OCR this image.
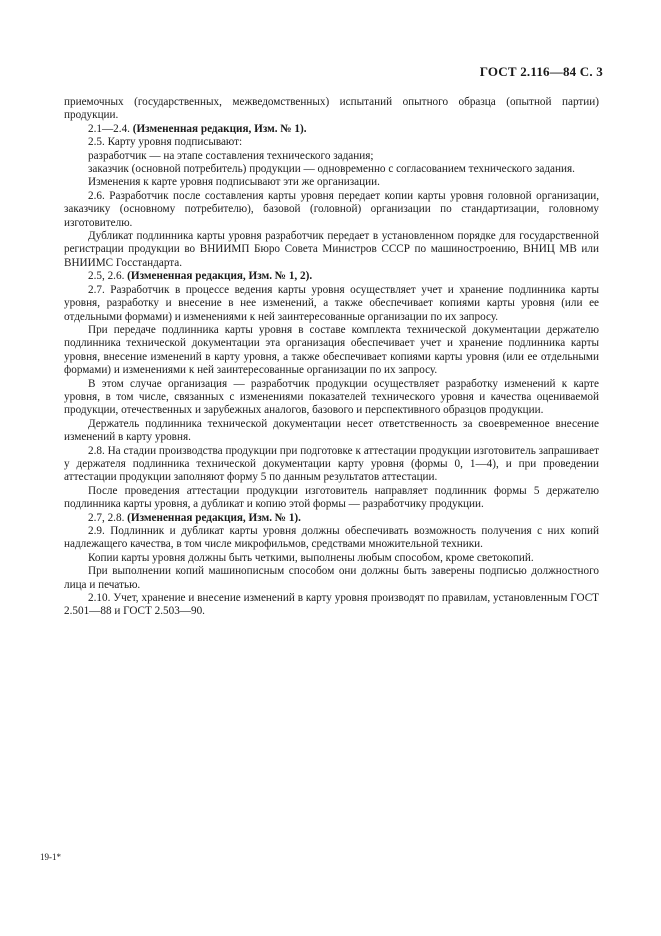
ГОСТ 2.116—84 С. 3

приемочных (государственных, межведомственных) испытаний опытного образца (опытной партии) продукции.

2.1—2.4. (Измененная редакция, Изм. № 1).

2.5. Карту уровня подписывают:

разработчик — на этапе составления технического задания;

заказчик (основной потребитель) продукции — одновременно с согласованием технического задания.

Изменения к карте уровня подписывают эти же организации.

2.6. Разработчик после составления карты уровня передает копии карты уровня головной организации, заказчику (основному потребителю), базовой (головной) организации по стандартизации, головному изготовителю.

Дубликат подлинника карты уровня разработчик передает в установленном порядке для государственной регистрации продукции во ВНИИМП Бюро Совета Министров СССР по машиностроению, ВНИЦ МВ или ВНИИМС Госстандарта.

2.5, 2.6. (Измененная редакция, Изм. № 1, 2).

2.7. Разработчик в процессе ведения карты уровня осуществляет учет и хранение подлинника карты уровня, разработку и внесение в нее изменений, а также обеспечивает копиями карты уровня (или ее отдельными формами) и изменениями к ней заинтересованные организации по их запросу.

При передаче подлинника карты уровня в составе комплекта технической документации держателю подлинника технической документации эта организация обеспечивает учет и хранение подлинника карты уровня, внесение изменений в карту уровня, а также обеспечивает копиями карты уровня (или ее отдельными формами) и изменениями к ней заинтересованные организации по их запросу.

В этом случае организация — разработчик продукции осуществляет разработку изменений к карте уровня, в том числе, связанных с изменениями показателей технического уровня и качества оцениваемой продукции, отечественных и зарубежных аналогов, базового и перспективного образцов продукции.

Держатель подлинника технической документации несет ответственность за своевременное внесение изменений в карту уровня.

2.8. На стадии производства продукции при подготовке к аттестации продукции изготовитель запрашивает у держателя подлинника технической документации карту уровня (формы 0, 1—4), и при проведении аттестации продукции заполняют форму 5 по данным результатов аттестации.

После проведения аттестации продукции изготовитель направляет подлинник формы 5 держателю подлинника карты уровня, а дубликат и копию этой формы — разработчику продукции.

2.7, 2.8. (Измененная редакция, Изм. № 1).

2.9. Подлинник и дубликат карты уровня должны обеспечивать возможность получения с них копий надлежащего качества, в том числе микрофильмов, средствами множительной техники.

Копии карты уровня должны быть четкими, выполнены любым способом, кроме светокопий.

При выполнении копий машинописным способом они должны быть заверены подписью должностного лица и печатью.

2.10. Учет, хранение и внесение изменений в карту уровня производят по правилам, установленным ГОСТ 2.501—88 и ГОСТ 2.503—90.

19-1*
